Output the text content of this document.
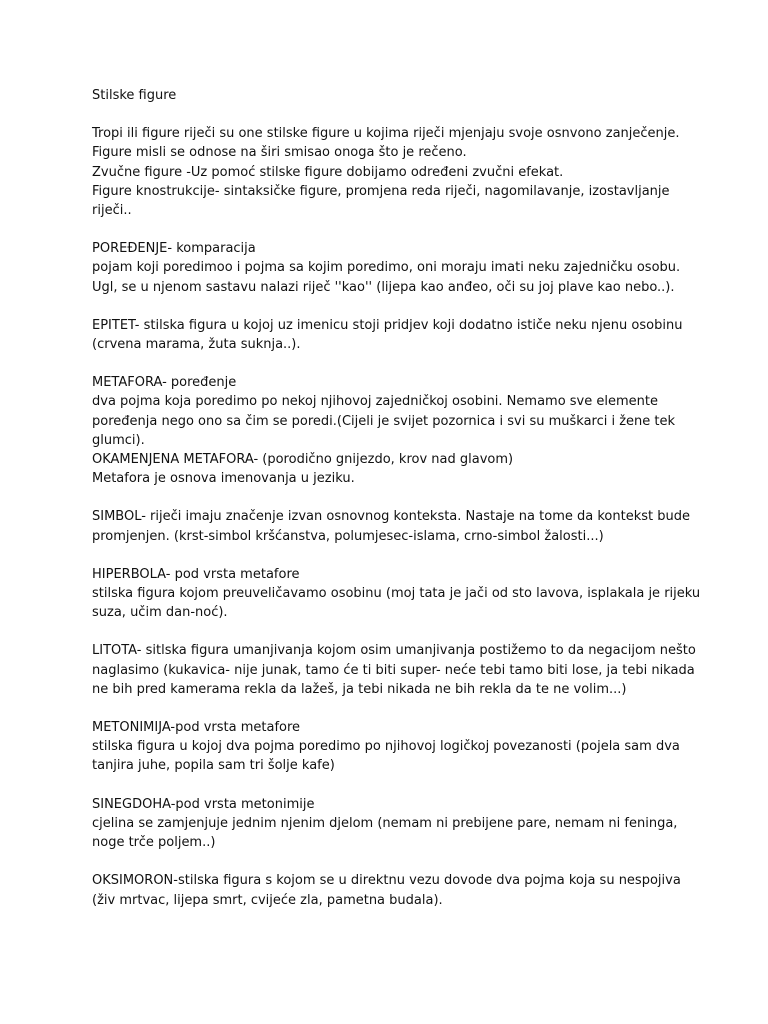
Stilske figure

Tropi ili figure riječi su one stilske figure u kojima riječi mjenjaju svoje osnvono zanječenje.

Figure misli se odnose na širi smisao onoga što je rečeno.

Zvučne figure -Uz pomoć stilske figure dobijamo određeni zvučni efekat.

Figure knostrukcije- sintaksičke figure, promjena reda riječi, nagomilavanje, izostavljanje

riječi..

POREĐENJE- komparacija

pojam koji poredimoo i pojma sa kojim poredimo, oni moraju imati neku zajedničku osobu.

Ugl, se u njenom sastavu nalazi riječ ''kao'' (lijepa kao anđeo, oči su joj plave kao nebo..).

EPITET- stilska figura u kojoj uz imenicu stoji pridjev koji dodatno ističe neku njenu osobinu

(crvena marama, žuta suknja..).

METAFORA- poređenje

dva pojma koja poredimo po nekoj njihovoj zajedničkoj osobini. Nemamo sve elemente

poređenja nego ono sa čim se poredi.(Cijeli je svijet pozornica i svi su muškarci i žene tek

glumci).

OKAMENJENA METAFORA- (porodično gnijezdo, krov nad glavom)

Metafora je osnova imenovanja u jeziku.

SIMBOL- riječi imaju značenje izvan osnovnog konteksta. Nastaje na tome da kontekst bude

promjenjen. (krst-simbol kršćanstva, polumjesec-islama, crno-simbol žalosti...)

HIPERBOLA- pod vrsta metafore

stilska figura kojom preuveličavamo osobinu (moj tata je jači od sto lavova, isplakala je rijeku

suza, učim dan-noć).

LITOTA- sitlska figura umanjivanja kojom osim umanjivanja postižemo to da negacijom nešto

naglasimo (kukavica- nije junak, tamo će ti biti super- neće tebi tamo biti lose, ja tebi nikada

ne bih pred kamerama rekla da lažeš, ja tebi nikada ne bih rekla da te ne volim...)

METONIMIJA-pod vrsta metafore

stilska figura u kojoj dva pojma poredimo po njihovoj logičkoj povezanosti (pojela sam dva

tanjira juhe, popila sam tri šolje kafe)

SINEGDOHA-pod vrsta metonimije

cjelina se zamjenjuje jednim njenim djelom (nemam ni prebijene pare, nemam ni feninga,

noge trče poljem..)

OKSIMORON-stilska figura s kojom se u direktnu vezu dovode dva pojma koja su nespojiva

(živ mrtvac, lijepa smrt, cvijeće zla, pametna budala).
